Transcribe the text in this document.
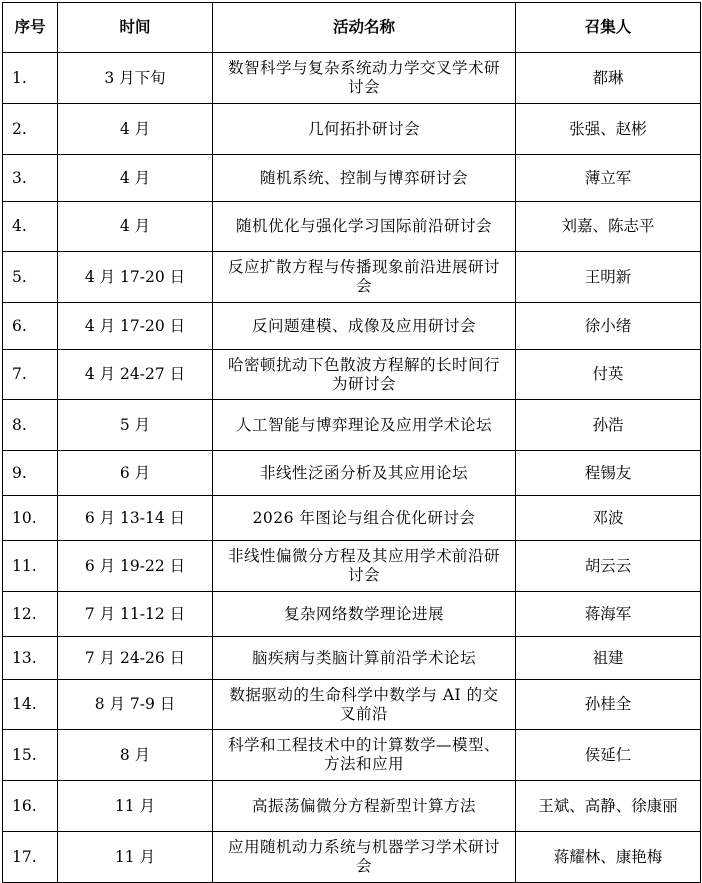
序号	时间	活动名称	召集人
1.	3 月下旬	数智科学与复杂系统动力学交叉学术研讨会	都琳
2.	4 月	几何拓扑研讨会	张强、赵彬
3.	4 月	随机系统、控制与博弈研讨会	薄立军
4.	4 月	随机优化与强化学习国际前沿研讨会	刘嘉、陈志平
5.	4 月 17-20 日	反应扩散方程与传播现象前沿进展研讨会	王明新
6.	4 月 17-20 日	反问题建模、成像及应用研讨会	徐小绪
7.	4 月 24-27 日	哈密顿扰动下色散波方程解的长时间行为研讨会	付英
8.	5 月	人工智能与博弈理论及应用学术论坛	孙浩
9.	6 月	非线性泛函分析及其应用论坛	程锡友
10.	6 月 13-14 日	2026 年图论与组合优化研讨会	邓波
11.	6 月 19-22 日	非线性偏微分方程及其应用学术前沿研讨会	胡云云
12.	7 月 11-12 日	复杂网络数学理论进展	蒋海军
13.	7 月 24-26 日	脑疾病与类脑计算前沿学术论坛	祖建
14.	8 月 7-9 日	数据驱动的生命科学中数学与 AI 的交叉前沿	孙桂全
15.	8 月	科学和工程技术中的计算数学—模型、方法和应用	侯延仁
16.	11 月	高振荡偏微分方程新型计算方法	王斌、高静、徐康丽
17.	11 月	应用随机动力系统与机器学习学术研讨会	蒋耀林、康艳梅
